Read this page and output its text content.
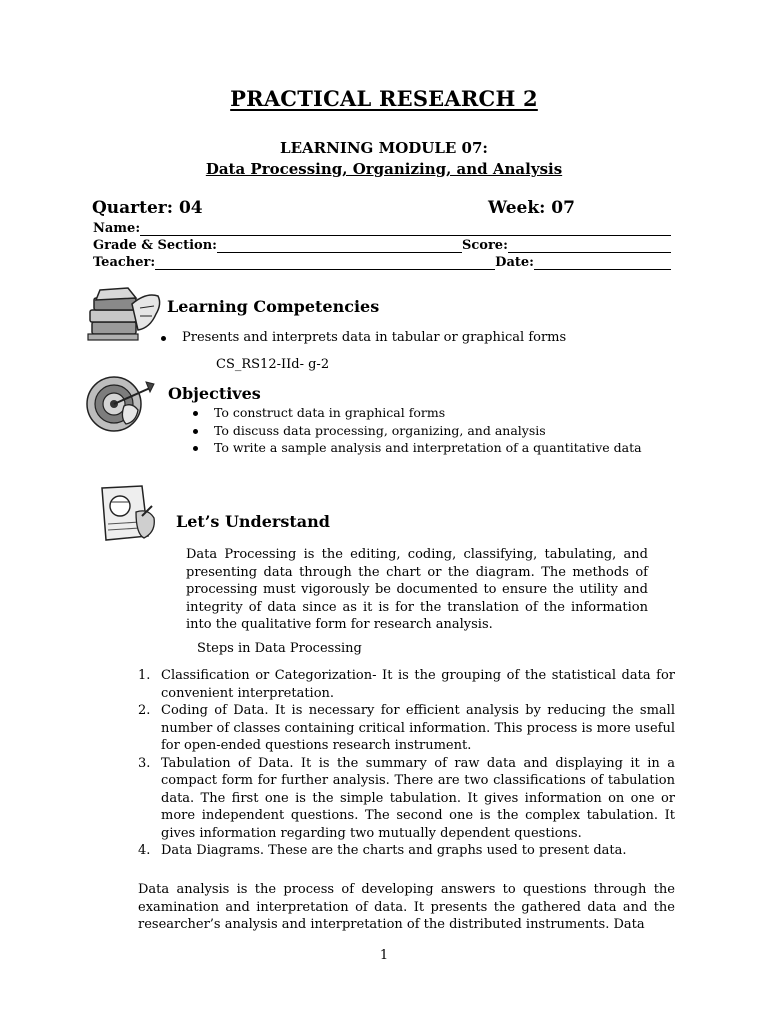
PRACTICAL RESEARCH 2
LEARNING MODULE 07:
Data Processing, Organizing, and Analysis
Quarter: 04	Week: 07
Name:
Grade & Section:	Score:
Teacher:	Date:
Learning Competencies
Presents and interprets data in tabular or graphical forms
CS_RS12-IId- g-2
Objectives
To construct data in graphical forms
To discuss data processing, organizing, and analysis
To write a sample analysis and interpretation of a quantitative data
Let’s Understand
Data Processing is the editing, coding, classifying, tabulating, and presenting data through the chart or the diagram. The methods of processing must vigorously be documented to ensure the utility and integrity of data since as it is for the translation of the information into the qualitative form for research analysis.
Steps in Data Processing
1. Classification or Categorization- It is the grouping of the statistical data for convenient interpretation.
2. Coding of Data. It is necessary for efficient analysis by reducing the small number of classes containing critical information. This process is more useful for open-ended questions research instrument.
3. Tabulation of Data. It is the summary of raw data and displaying it in a compact form for further analysis. There are two classifications of tabulation data. The first one is the simple tabulation. It gives information on one or more independent questions. The second one is the complex tabulation. It gives information regarding two mutually dependent questions.
4. Data Diagrams. These are the charts and graphs used to present data.
Data analysis is the process of developing answers to questions through the examination and interpretation of data. It presents the gathered data and the researcher’s analysis and interpretation of the distributed instruments. Data
1
